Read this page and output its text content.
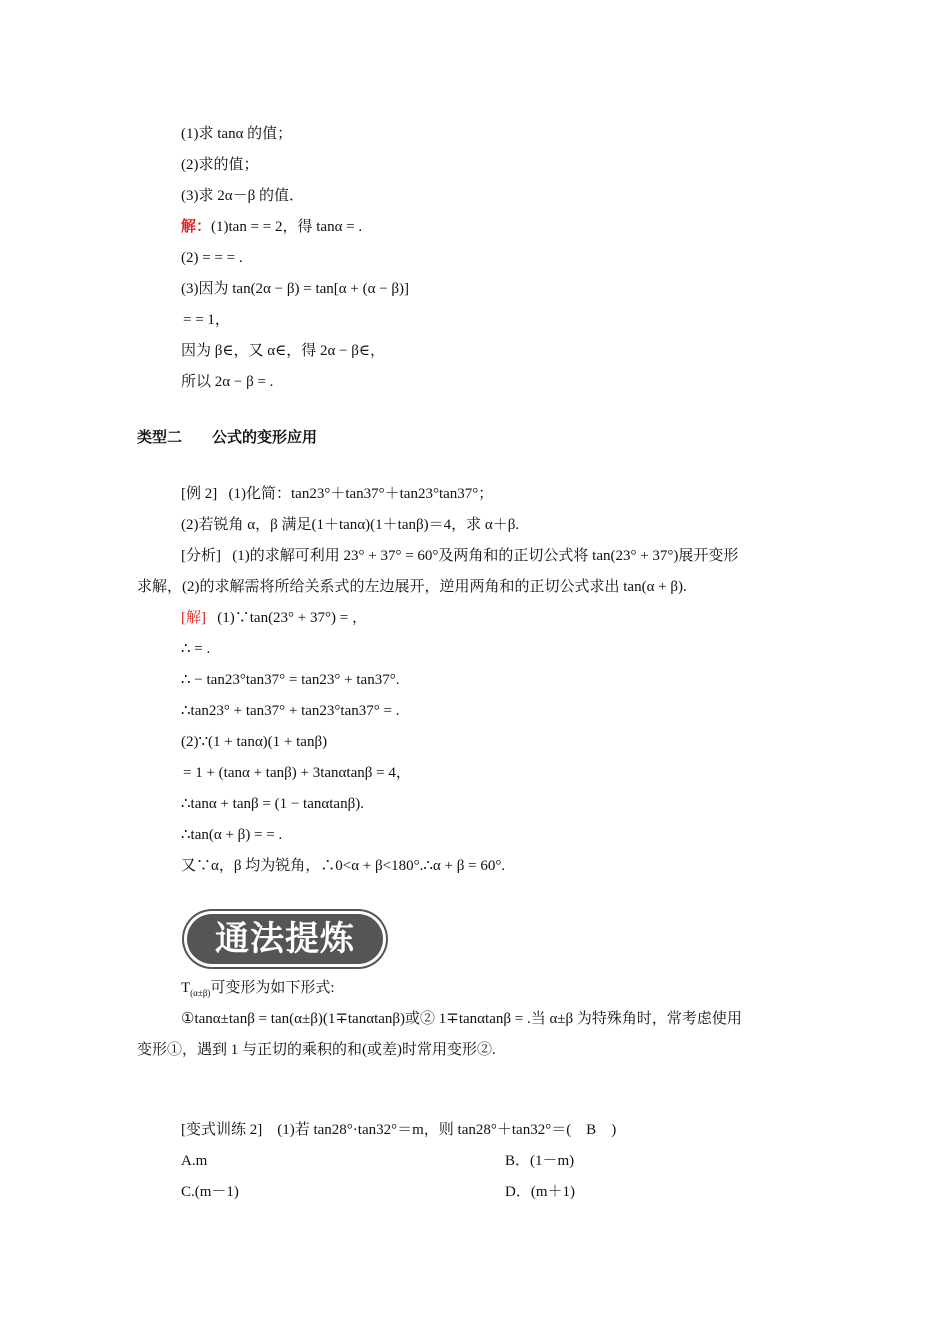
(1)求 tanα 的值；
(2)求的值；
(3)求 2α－β 的值．
解：(1)tan = = 2，得 tanα = .
(2) = = = .
(3)因为 tan(2α − β) = tan[α + (α − β)]
= = 1，
因为 β∈，又 α∈，得 2α − β∈，
所以 2α − β = .
类型二　　公式的变形应用
[例 2] (1)化简：tan23°＋tan37°＋tan23°tan37°；
(2)若锐角 α，β 满足(1＋tanα)(1＋tanβ)＝4，求 α＋β.
[分析] (1)的求解可利用 23° + 37° = 60°及两角和的正切公式将 tan(23° + 37°)展开变形
求解，(2)的求解需将所给关系式的左边展开，逆用两角和的正切公式求出 tan(α + β).
[解] (1)∵tan(23° + 37°) = ，
∴ = .
∴ − tan23°tan37° = tan23° + tan37°.
∴tan23° + tan37° + tan23°tan37° = .
(2)∵(1 + tanα)(1 + tanβ)
= 1 + (tanα + tanβ) + 3tanαtanβ = 4，
∴tanα + tanβ = (1 − tanαtanβ).
∴tan(α + β) = = .
又∵α，β 均为锐角，∴0<α + β<180°.∴α + β = 60°.
通法提炼
$T_{(\alpha\pm\beta)}$可变形为如下形式:
①tanα±tanβ = tan(α±β)(1∓tanαtanβ)或② 1∓tanαtanβ = .当 α±β 为特殊角时，常考虑使用
变形①，遇到 1 与正切的乘积的和(或差)时常用变形②.
[变式训练 2]　(1)若 tan28°·tan32°＝m，则 tan28°＋tan32°＝(　B　)
A.m	B．(1－m)
C.(m－1)	D．(m＋1)
